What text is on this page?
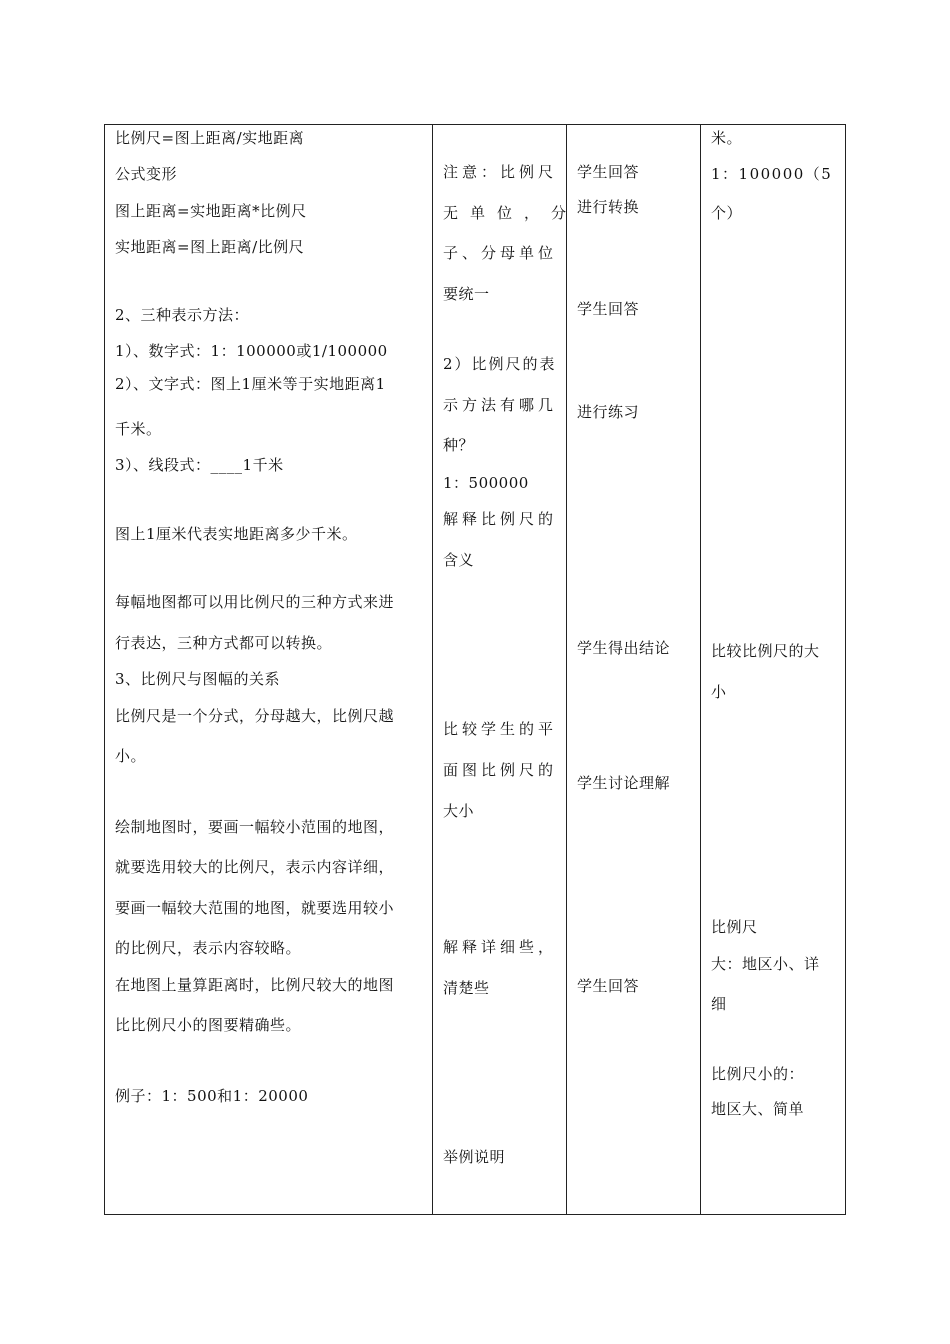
比例尺=图上距离/实地距离
公式变形
图上距离=实地距离*比例尺
实地距离=图上距离/比例尺
2、三种表示方法：
1）、数字式：1：100000或1/100000
2）、文字式：图上1厘米等于实地距离1
千米。
3）、线段式：____1千米
图上1厘米代表实地距离多少千米。
每幅地图都可以用比例尺的三种方式来进
行表达，三种方式都可以转换。
3、比例尺与图幅的关系
比例尺是一个分式，分母越大，比例尺越
小。
绘制地图时，要画一幅较小范围的地图，
就要选用较大的比例尺，表示内容详细，
要画一幅较大范围的地图，就要选用较小
的比例尺，表示内容较略。
在地图上量算距离时，比例尺较大的地图
比比例尺小的图要精确些。
例子：1：500和1：20000
注意：比例尺
无单位，分
子、分母单位
要统一
2）比例尺的表
示方法有哪几
种？
1：500000
解释比例尺的
含义
比较学生的平
面图比例尺的
大小
解释详细些，
清楚些
举例说明
学生回答
进行转换
学生回答
进行练习
学生得出结论
学生讨论理解
学生回答
米。
1：100000（5
个）
比较比例尺的大
小
比例尺
大：地区小、详
细
比例尺小的：
地区大、简单
